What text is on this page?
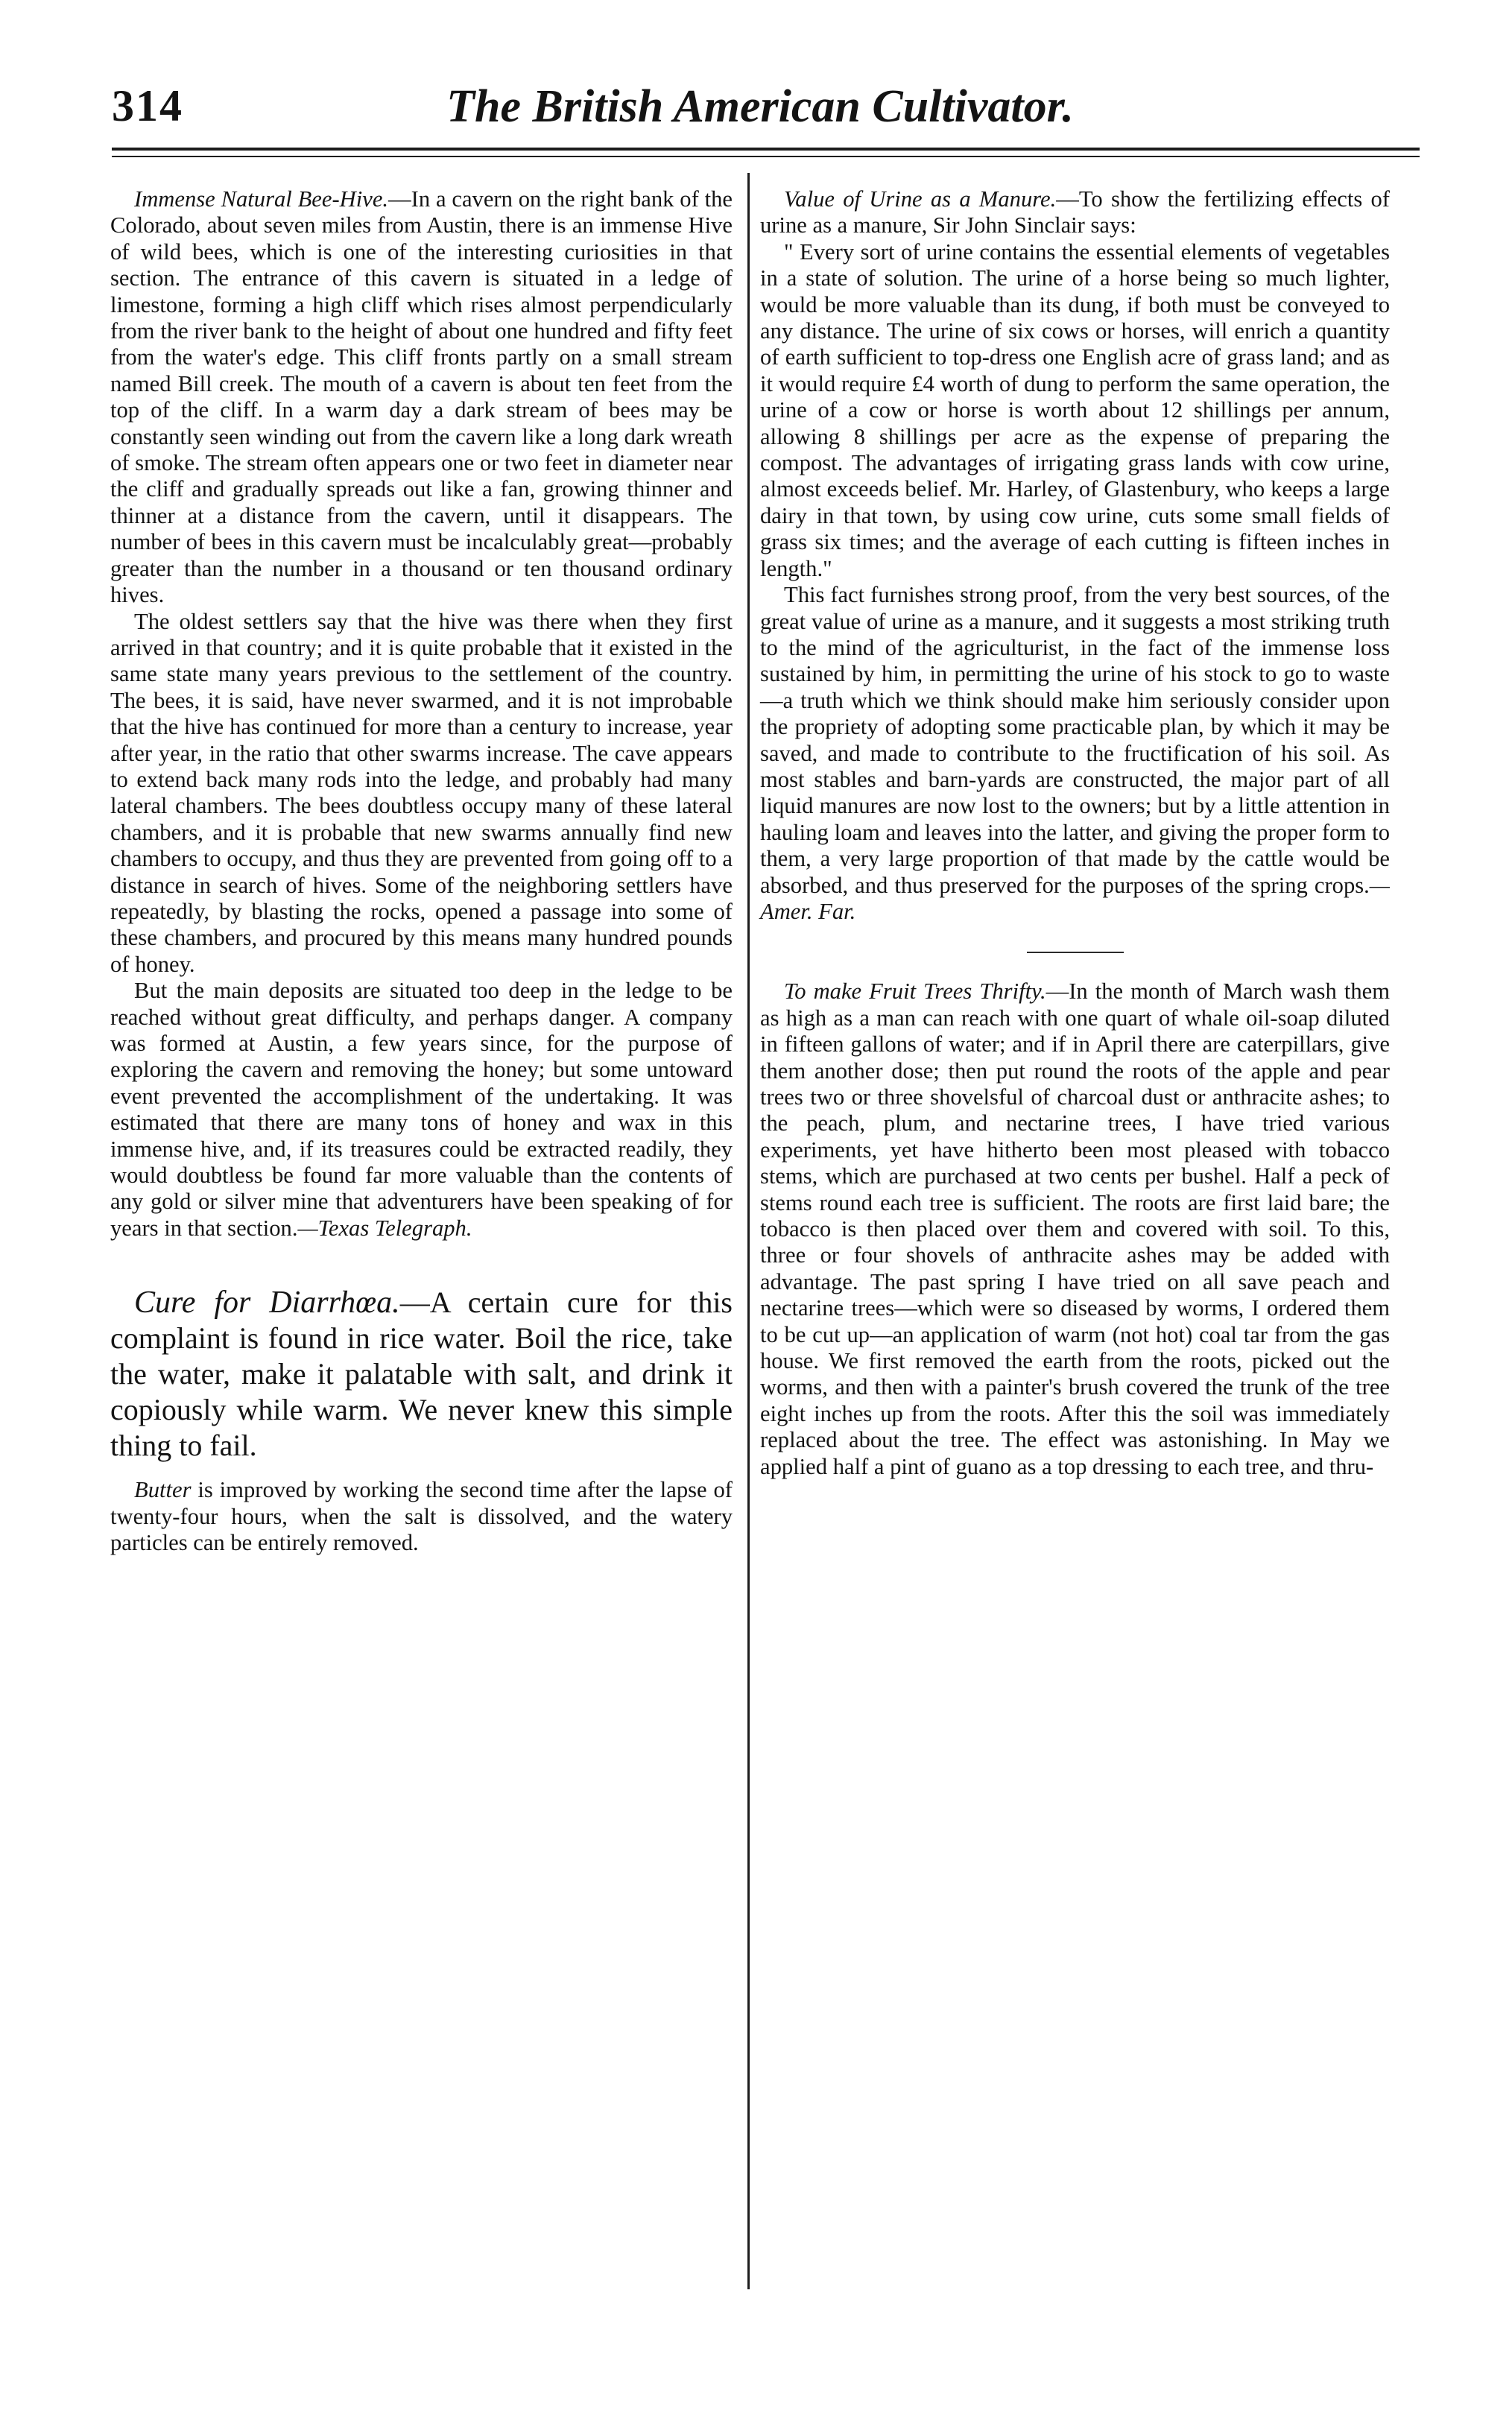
314	The British American Cultivator.

Immense Natural Bee-Hive.—In a cavern on the right bank of the Colorado, about seven miles from Austin, there is an immense Hive of wild bees, which is one of the interesting curiosities in that section. The entrance of this cavern is situated in a ledge of limestone, forming a high cliff which rises almost perpendicularly from the river bank to the height of about one hundred and fifty feet from the water's edge. This cliff fronts partly on a small stream named Bill creek. The mouth of a cavern is about ten feet from the top of the cliff. In a warm day a dark stream of bees may be constantly seen winding out from the cavern like a long dark wreath of smoke. The stream often appears one or two feet in diameter near the cliff and gradually spreads out like a fan, growing thinner and thinner at a distance from the cavern, until it disappears. The number of bees in this cavern must be incalculably great—probably greater than the number in a thousand or ten thousand ordinary hives.

The oldest settlers say that the hive was there when they first arrived in that country; and it is quite probable that it existed in the same state many years previous to the settlement of the country. The bees, it is said, have never swarmed, and it is not improbable that the hive has continued for more than a century to increase, year after year, in the ratio that other swarms increase. The cave appears to extend back many rods into the ledge, and probably had many lateral chambers. The bees doubtless occupy many of these lateral chambers, and it is probable that new swarms annually find new chambers to occupy, and thus they are prevented from going off to a distance in search of hives. Some of the neighboring settlers have repeatedly, by blasting the rocks, opened a passage into some of these chambers, and procured by this means many hundred pounds of honey.

But the main deposits are situated too deep in the ledge to be reached without great difficulty, and perhaps danger. A company was formed at Austin, a few years since, for the purpose of exploring the cavern and removing the honey; but some untoward event prevented the accomplishment of the undertaking. It was estimated that there are many tons of honey and wax in this immense hive, and, if its treasures could be extracted readily, they would doubtless be found far more valuable than the contents of any gold or silver mine that adventurers have been speaking of for years in that section.—Texas Telegraph.

Cure for Diarrhœa.—A certain cure for this complaint is found in rice water. Boil the rice, take the water, make it palatable with salt, and drink it copiously while warm. We never knew this simple thing to fail.

Butter is improved by working the second time after the lapse of twenty-four hours, when the salt is dissolved, and the watery particles can be entirely removed.

Value of Urine as a Manure.—To show the fertilizing effects of urine as a manure, Sir John Sinclair says:

" Every sort of urine contains the essential elements of vegetables in a state of solution. The urine of a horse being so much lighter, would be more valuable than its dung, if both must be conveyed to any distance. The urine of six cows or horses, will enrich a quantity of earth sufficient to top-dress one English acre of grass land; and as it would require £4 worth of dung to perform the same operation, the urine of a cow or horse is worth about 12 shillings per annum, allowing 8 shillings per acre as the expense of preparing the compost. The advantages of irrigating grass lands with cow urine, almost exceeds belief. Mr. Harley, of Glastenbury, who keeps a large dairy in that town, by using cow urine, cuts some small fields of grass six times; and the average of each cutting is fifteen inches in length."

This fact furnishes strong proof, from the very best sources, of the great value of urine as a manure, and it suggests a most striking truth to the mind of the agriculturist, in the fact of the immense loss sustained by him, in permitting the urine of his stock to go to waste—a truth which we think should make him seriously consider upon the propriety of adopting some practicable plan, by which it may be saved, and made to contribute to the fructification of his soil. As most stables and barn-yards are constructed, the major part of all liquid manures are now lost to the owners; but by a little attention in hauling loam and leaves into the latter, and giving the proper form to them, a very large proportion of that made by the cattle would be absorbed, and thus preserved for the purposes of the spring crops.—Amer. Far.

To make Fruit Trees Thrifty.—In the month of March wash them as high as a man can reach with one quart of whale oil-soap diluted in fifteen gallons of water; and if in April there are caterpillars, give them another dose; then put round the roots of the apple and pear trees two or three shovelsful of charcoal dust or anthracite ashes; to the peach, plum, and nectarine trees, I have tried various experiments, yet have hitherto been most pleased with tobacco stems, which are purchased at two cents per bushel. Half a peck of stems round each tree is sufficient. The roots are first laid bare; the tobacco is then placed over them and covered with soil. To this, three or four shovels of anthracite ashes may be added with advantage. The past spring I have tried on all save peach and nectarine trees—which were so diseased by worms, I ordered them to be cut up—an application of warm (not hot) coal tar from the gas house. We first removed the earth from the roots, picked out the worms, and then with a painter's brush covered the trunk of the tree eight inches up from the roots. After this the soil was immediately replaced about the tree. The effect was astonishing. In May we applied half a pint of guano as a top dressing to each tree, and thru-
